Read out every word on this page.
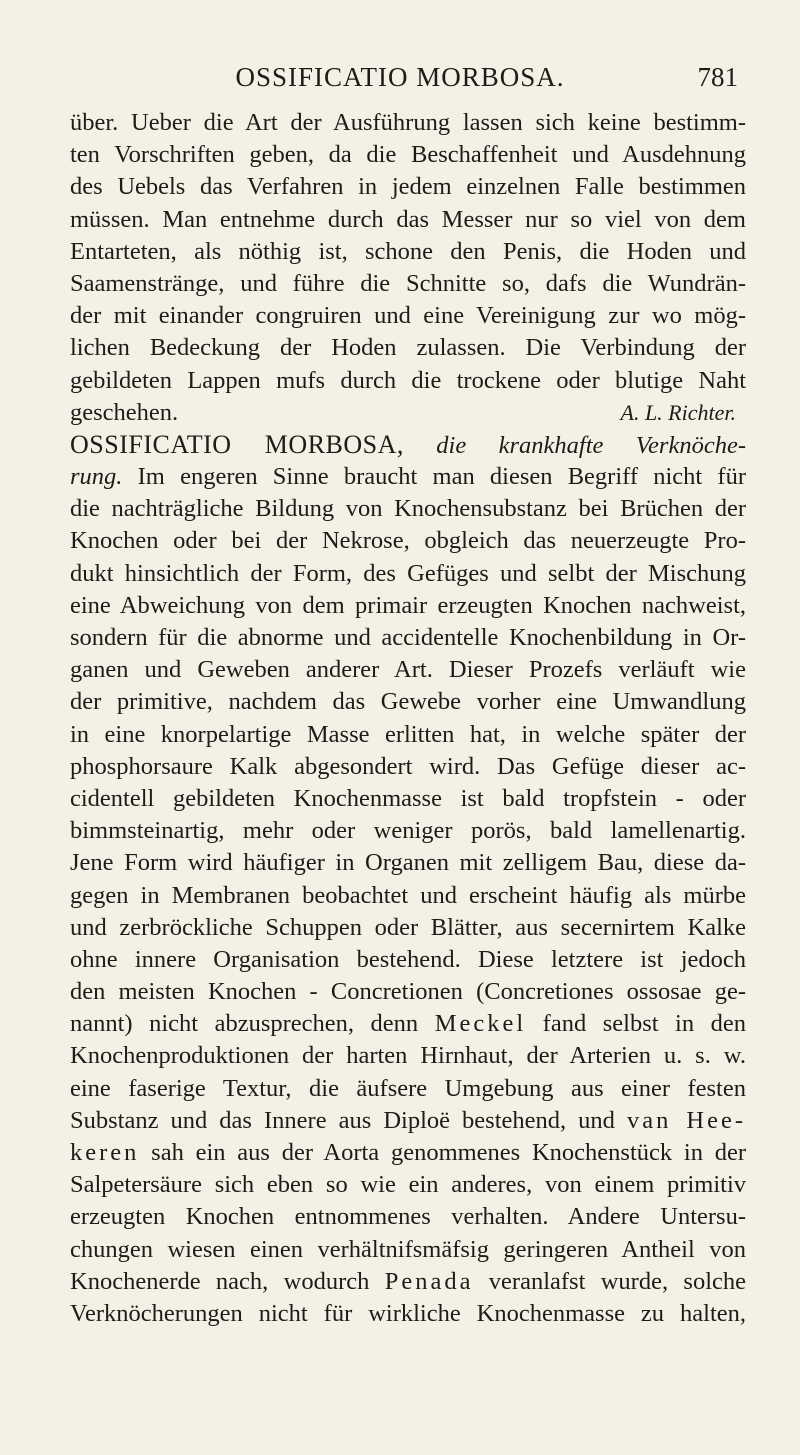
OSSIFICATIO MORBOSA.	781
über. Ueber die Art der Ausführung lassen sich keine bestimm-
ten Vorschriften geben, da die Beschaffenheit und Ausdehnung
des Uebels das Verfahren in jedem einzelnen Falle bestimmen
müssen. Man entnehme durch das Messer nur so viel von dem
Entarteten, als nöthig ist, schone den Penis, die Hoden und
Saamenstränge, und führe die Schnitte so, dafs die Wundrän-
der mit einander congruiren und eine Vereinigung zur wo mög-
lichen Bedeckung der Hoden zulassen. Die Verbindung der
gebildeten Lappen mufs durch die trockene oder blutige Naht
geschehen.	A. L. Richter.
OSSIFICATIO MORBOSA, die krankhafte Verknöche-
rung. Im engeren Sinne braucht man diesen Begriff nicht für
die nachträgliche Bildung von Knochensubstanz bei Brüchen der
Knochen oder bei der Nekrose, obgleich das neuerzeugte Pro-
dukt hinsichtlich der Form, des Gefüges und selbt der Mischung
eine Abweichung von dem primair erzeugten Knochen nachweist,
sondern für die abnorme und accidentelle Knochenbildung in Or-
ganen und Geweben anderer Art. Dieser Prozefs verläuft wie
der primitive, nachdem das Gewebe vorher eine Umwandlung
in eine knorpelartige Masse erlitten hat, in welche später der
phosphorsaure Kalk abgesondert wird. Das Gefüge dieser ac-
cidentell gebildeten Knochenmasse ist bald tropfstein - oder
bimmsteinartig, mehr oder weniger porös, bald lamellenartig.
Jene Form wird häufiger in Organen mit zelligem Bau, diese da-
gegen in Membranen beobachtet und erscheint häufig als mürbe
und zerbröckliche Schuppen oder Blätter, aus secernirtem Kalke
ohne innere Organisation bestehend. Diese letztere ist jedoch
den meisten Knochen - Concretionen (Concretiones ossosae ge-
nannt) nicht abzusprechen, denn Meckel fand selbst in den
Knochenproduktionen der harten Hirnhaut, der Arterien u. s. w.
eine faserige Textur, die äufsere Umgebung aus einer festen
Substanz und das Innere aus Diploë bestehend, und van Hee-
keren sah ein aus der Aorta genommenes Knochenstück in der
Salpetersäure sich eben so wie ein anderes, von einem primitiv
erzeugten Knochen entnommenes verhalten. Andere Untersu-
chungen wiesen einen verhältnifsmäfsig geringeren Antheil von
Knochenerde nach, wodurch Penada veranlafst wurde, solche
Verknöcherungen nicht für wirkliche Knochenmasse zu halten,
